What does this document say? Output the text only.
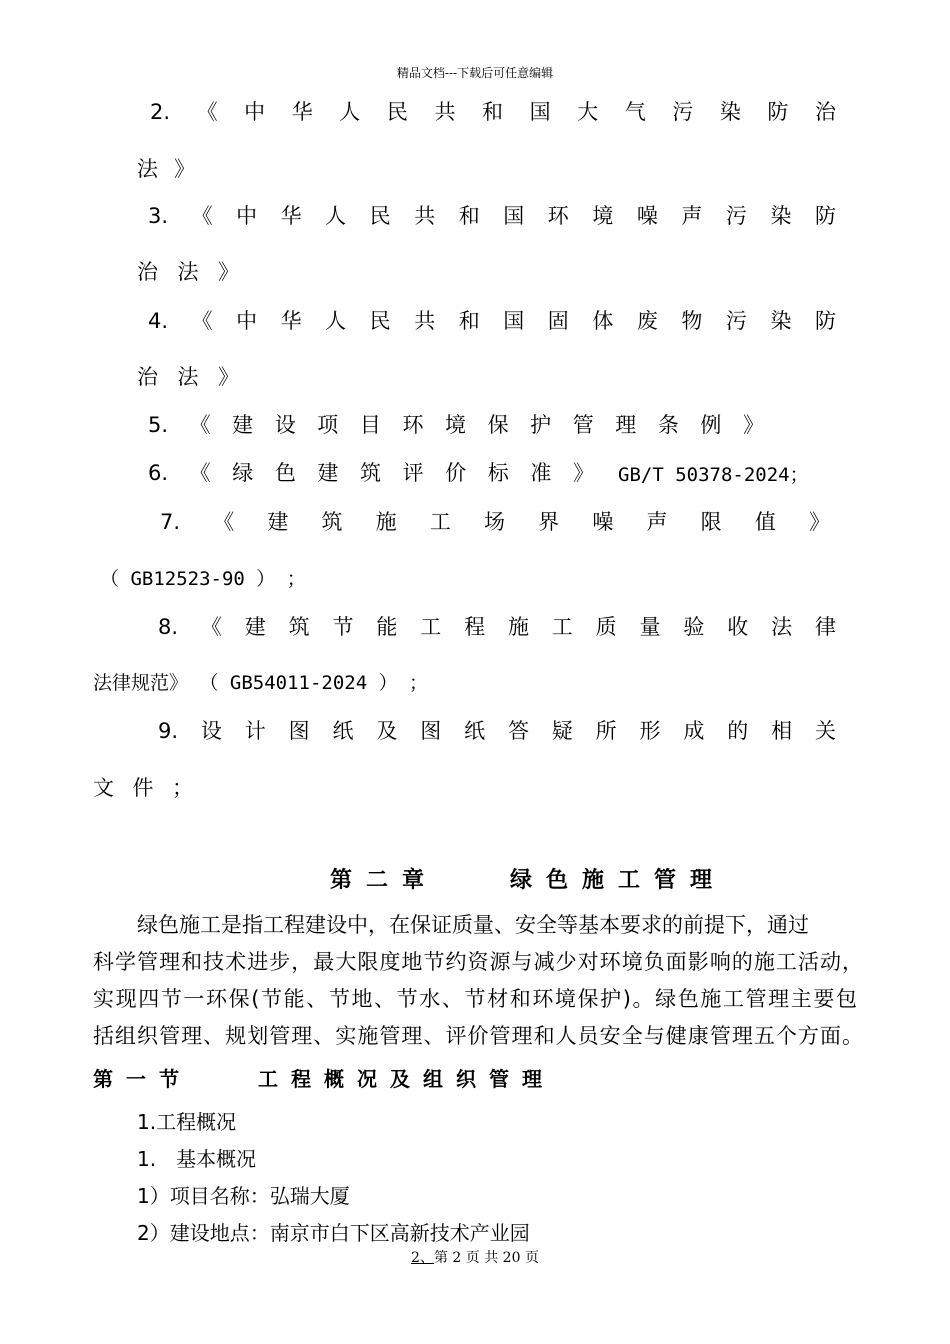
精品文档---下载后可任意编辑
2.《中华人民共和国大气污染防治
法》
3.《中华人民共和国环境噪声污染防
治法》
4.《中华人民共和国固体废物污染防
治法》
5.《建设项目环境保护管理条例》
6.《绿色建筑评价标准》 GB/T 50378-2024；
7.《建筑施工场界噪声限值》
（ GB12523-90 ） ；
8.《建筑节能工程施工质量验收法律
法律规范》 （ GB54011-2024 ） ；
9.设计图纸及图纸答疑所形成的相关
文件；
第二章　　绿色施工管理
绿色施工是指工程建设中，在保证质量、安全等基本要求的前提下，通过
科学管理和技术进步，最大限度地节约资源与减少对环境负面影响的施工活动，
实现四节一环保(节能、节地、节水、节材和环境保护)。绿色施工管理主要包
括组织管理、规划管理、实施管理、评价管理和人员安全与健康管理五个方面。
第一节　　工程概况及组织管理
1.工程概况
1.　基本概况
1）项目名称：弘瑞大厦
2）建设地点：南京市白下区高新技术产业园
2、第 2 页 共 20 页
